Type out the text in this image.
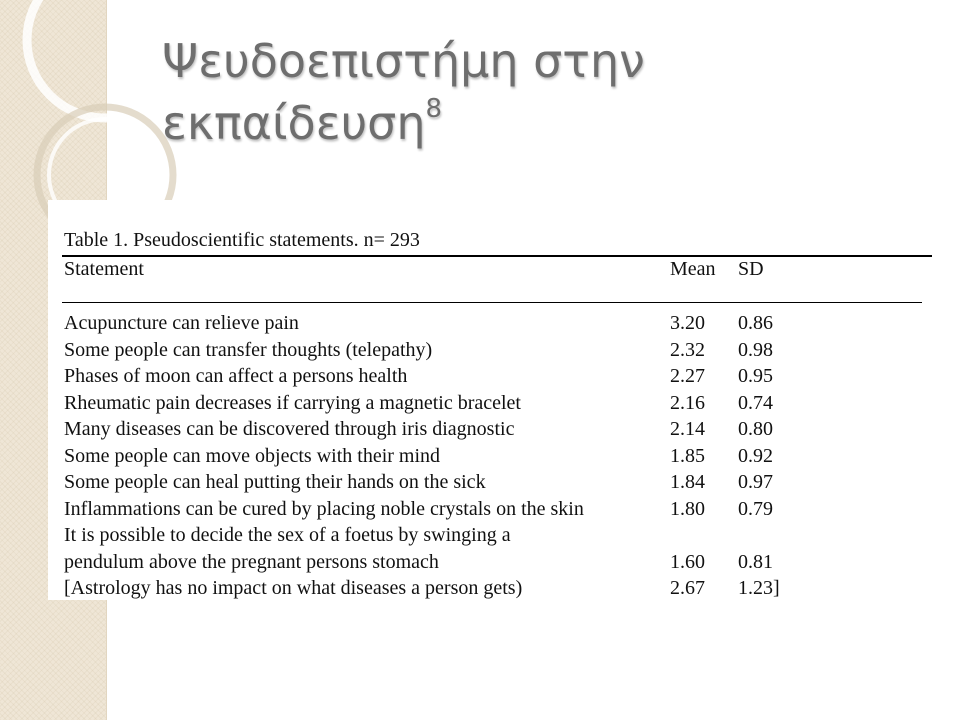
Ψευδοεπιστήμη στην
εκπαίδευση$^8$
Table 1. Pseudoscientific statements. n= 293
Statement	Mean SD
Acupuncture can relieve pain	3.20 0.86
Some people can transfer thoughts (telepathy)	2.32 0.98
Phases of moon can affect a persons health	2.27 0.95
Rheumatic pain decreases if carrying a magnetic bracelet	2.16 0.74
Many diseases can be discovered through iris diagnostic	2.14 0.80
Some people can move objects with their mind	1.85 0.92
Some people can heal putting their hands on the sick	1.84 0.97
Inflammations can be cured by placing noble crystals on the skin	1.80 0.79
It is possible to decide the sex of a foetus by swinging a
pendulum above the pregnant persons stomach	1.60 0.81
[Astrology has no impact on what diseases a person gets)	2.67 1.23]
